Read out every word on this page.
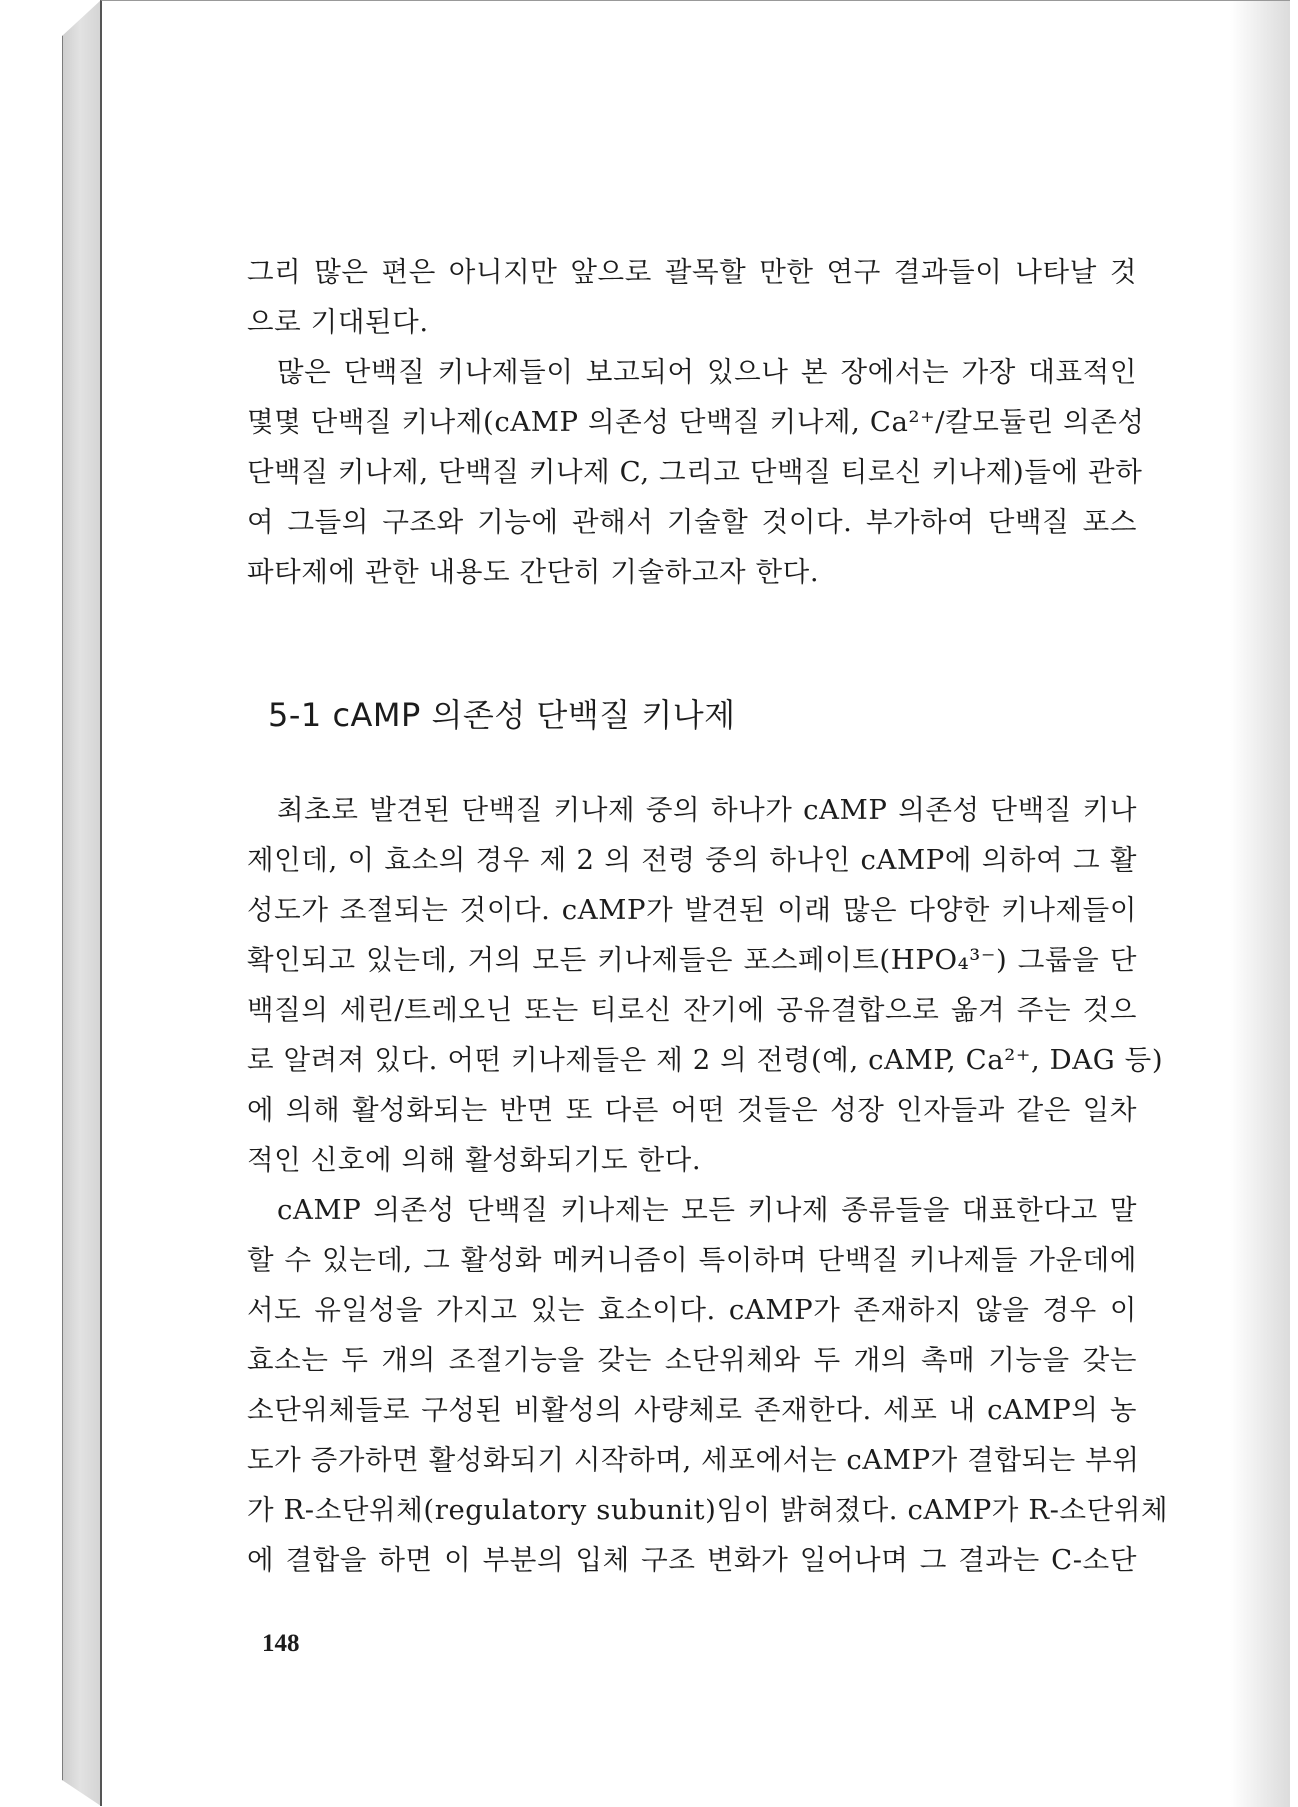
그리 많은 편은 아니지만 앞으로 괄목할 만한 연구 결과들이 나타날 것
으로 기대된다.
많은 단백질 키나제들이 보고되어 있으나 본 장에서는 가장 대표적인
몇몇 단백질 키나제(cAMP 의존성 단백질 키나제, Ca²⁺/칼모듈린 의존성
단백질 키나제, 단백질 키나제 C, 그리고 단백질 티로신 키나제)들에 관하
여 그들의 구조와 기능에 관해서 기술할 것이다. 부가하여 단백질 포스
파타제에 관한 내용도 간단히 기술하고자 한다.
5-1 cAMP 의존성 단백질 키나제
최초로 발견된 단백질 키나제 중의 하나가 cAMP 의존성 단백질 키나
제인데, 이 효소의 경우 제 2 의 전령 중의 하나인 cAMP에 의하여 그 활
성도가 조절되는 것이다. cAMP가 발견된 이래 많은 다양한 키나제들이
확인되고 있는데, 거의 모든 키나제들은 포스페이트(HPO₄³⁻) 그룹을 단
백질의 세린/트레오닌 또는 티로신 잔기에 공유결합으로 옮겨 주는 것으
로 알려져 있다. 어떤 키나제들은 제 2 의 전령(예, cAMP, Ca²⁺, DAG 등)
에 의해 활성화되는 반면 또 다른 어떤 것들은 성장 인자들과 같은 일차
적인 신호에 의해 활성화되기도 한다.
cAMP 의존성 단백질 키나제는 모든 키나제 종류들을 대표한다고 말
할 수 있는데, 그 활성화 메커니즘이 특이하며 단백질 키나제들 가운데에
서도 유일성을 가지고 있는 효소이다. cAMP가 존재하지 않을 경우 이
효소는 두 개의 조절기능을 갖는 소단위체와 두 개의 촉매 기능을 갖는
소단위체들로 구성된 비활성의 사량체로 존재한다. 세포 내 cAMP의 농
도가 증가하면 활성화되기 시작하며, 세포에서는 cAMP가 결합되는 부위
가 R-소단위체(regulatory subunit)임이 밝혀졌다. cAMP가 R-소단위체
에 결합을 하면 이 부분의 입체 구조 변화가 일어나며 그 결과는 C-소단
148
